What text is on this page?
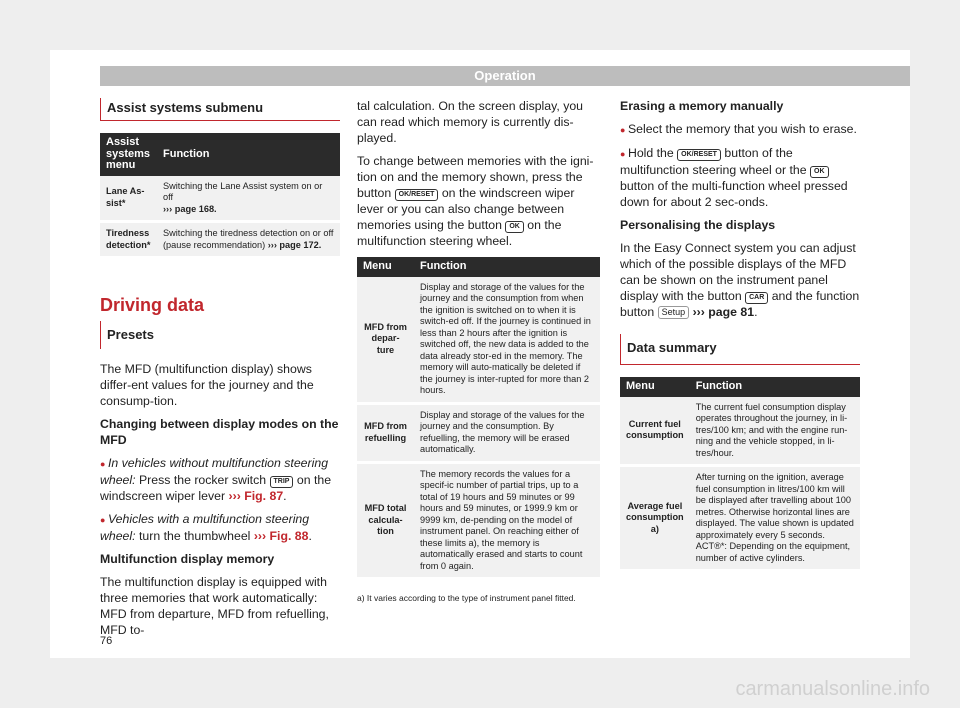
Operation
Assist systems submenu
Assist systems menu	Function
Lane As-sist*	Switching the Lane Assist system on or off
››› page 168.
Tiredness detection*	Switching the tiredness detection on or off (pause recommendation) ››› page 172.
Driving data
Presets

The MFD (multifunction display) shows differ-ent values for the journey and the consump-tion.

Changing between display modes on the MFD

● In vehicles without multifunction steering wheel: Press the rocker switch TRIP on the windscreen wiper lever ››› Fig. 87.

● Vehicles with a multifunction steering wheel: turn the thumbwheel ››› Fig. 88.

Multifunction display memory

The multifunction display is equipped with three memories that work automatically: MFD from departure, MFD from refuelling, MFD to-

tal calculation. On the screen display, you can read which memory is currently dis-played.

To change between memories with the igni-tion on and the memory shown, press the button OK/RESET on the windscreen wiper lever or you can also change between memories using the button OK on the multifunction steering wheel.

Menu	Function
MFD from depar-ture	Display and storage of the values for the journey and the consumption from when the ignition is switched on to when it is switch-ed off. If the journey is continued in less than 2 hours after the ignition is switched off, the new data is added to the data already stor-ed in the memory. The memory will auto-matically be deleted if the journey is inter-rupted for more than 2 hours.
MFD from refuelling	Display and storage of the values for the journey and the consumption. By refuelling, the memory will be erased automatically.
MFD total calcula-tion	The memory records the values for a specif-ic number of partial trips, up to a total of 19 hours and 59 minutes or 99 hours and 59 minutes, or 1999.9 km or 9999 km, de-pending on the model of instrument panel. On reaching either of these limits a), the memory is automatically erased and starts to count from 0 again.
a) It varies according to the type of instrument panel fitted.

Erasing a memory manually

● Select the memory that you wish to erase.

● Hold the OK/RESET button of the multifunction steering wheel or the OK button of the multi-function wheel pressed down for about 2 sec-onds.

Personalising the displays

In the Easy Connect system you can adjust which of the possible displays of the MFD can be shown on the instrument panel display with the button CAR and the function button Setup ››› page 81.

Data summary
Menu	Function
Current fuel consumption	The current fuel consumption display operates throughout the journey, in li-tres/100 km; and with the engine run-ning and the vehicle stopped, in li-tres/hour.
Average fuel consumption a)	After turning on the ignition, average fuel consumption in litres/100 km will be displayed after travelling about 100 metres. Otherwise horizontal lines are displayed. The value shown is updated approximately every 5 seconds. ACT®*: Depending on the equipment, number of active cylinders.
76
carmanualsonline.info
